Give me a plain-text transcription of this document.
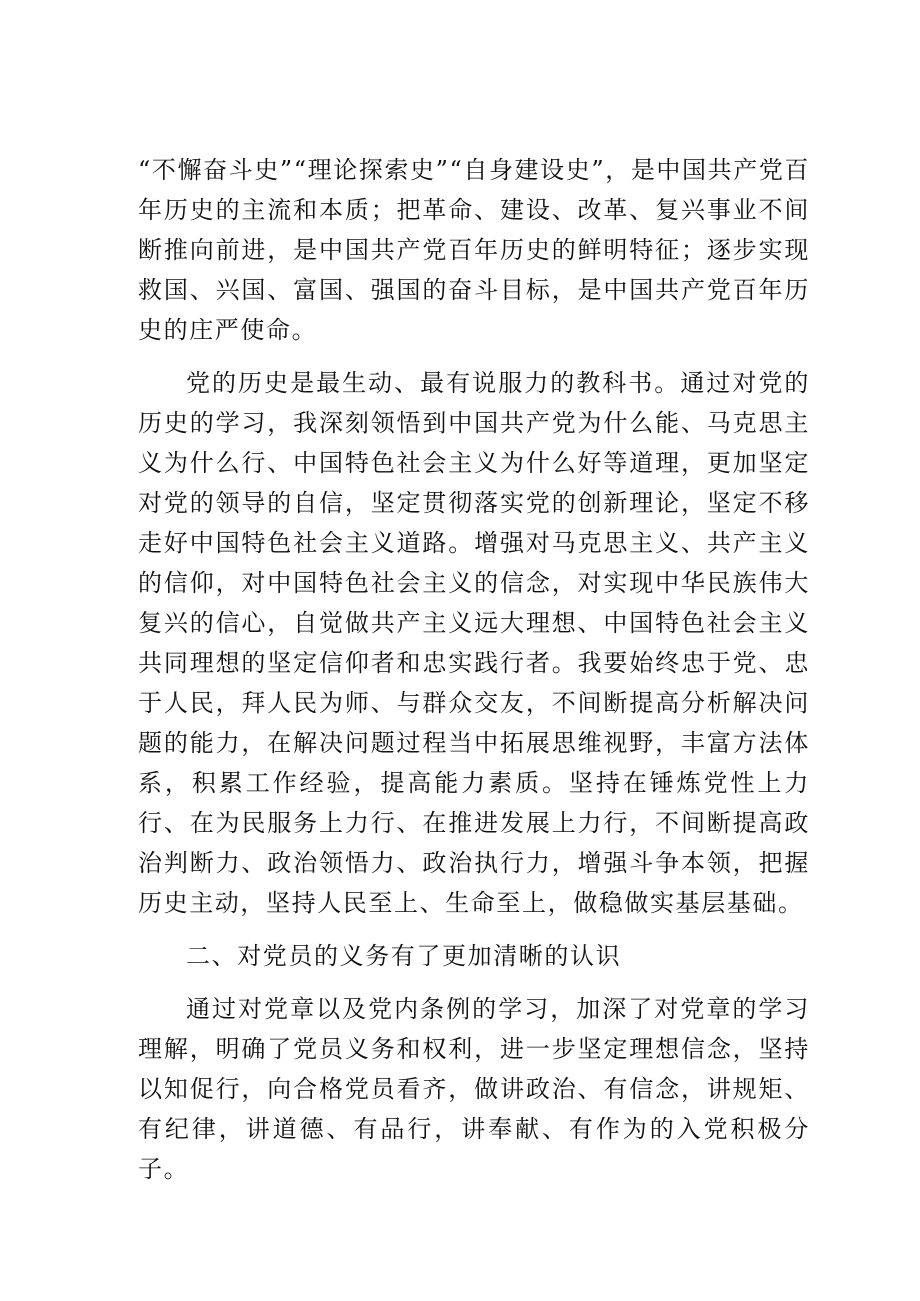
“不懈奋斗史”“理论探索史”“自身建设史”，是中国共产党百年历史的主流和本质；把革命、建设、改革、复兴事业不间断推向前进，是中国共产党百年历史的鲜明特征；逐步实现救国、兴国、富国、强国的奋斗目标，是中国共产党百年历史的庄严使命。

党的历史是最生动、最有说服力的教科书。通过对党的历史的学习，我深刻领悟到中国共产党为什么能、马克思主义为什么行、中国特色社会主义为什么好等道理，更加坚定对党的领导的自信，坚定贯彻落实党的创新理论，坚定不移走好中国特色社会主义道路。增强对马克思主义、共产主义的信仰，对中国特色社会主义的信念，对实现中华民族伟大复兴的信心，自觉做共产主义远大理想、中国特色社会主义共同理想的坚定信仰者和忠实践行者。我要始终忠于党、忠于人民，拜人民为师、与群众交友，不间断提高分析解决问题的能力，在解决问题过程当中拓展思维视野，丰富方法体系，积累工作经验，提高能力素质。坚持在锤炼党性上力行、在为民服务上力行、在推进发展上力行，不间断提高政治判断力、政治领悟力、政治执行力，增强斗争本领，把握历史主动，坚持人民至上、生命至上，做稳做实基层基础。

二、对党员的义务有了更加清晰的认识

通过对党章以及党内条例的学习，加深了对党章的学习理解，明确了党员义务和权利，进一步坚定理想信念，坚持以知促行，向合格党员看齐，做讲政治、有信念，讲规矩、有纪律，讲道德、有品行，讲奉献、有作为的入党积极分子。
